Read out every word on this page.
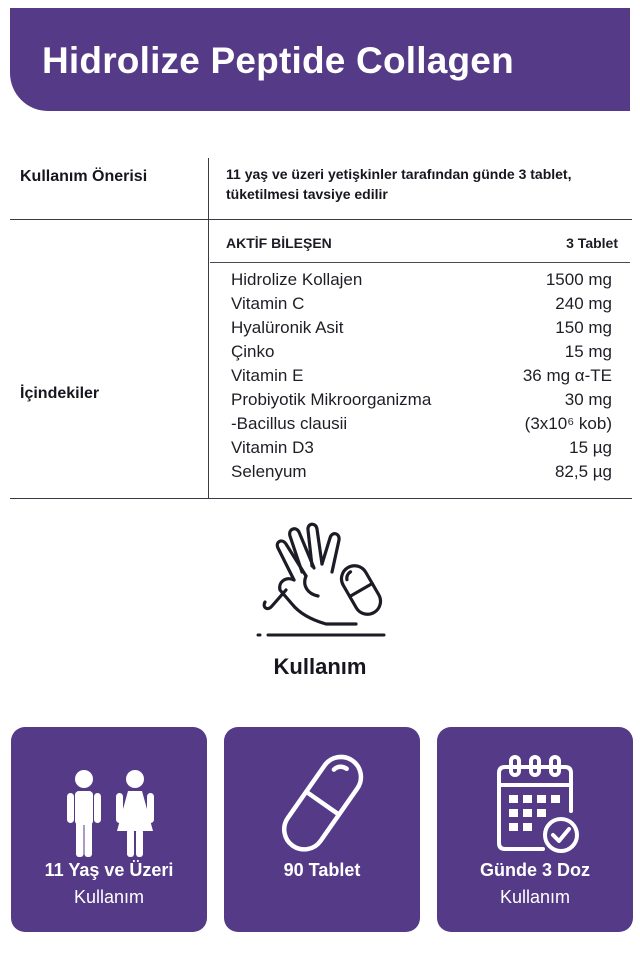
Hidrolize Peptide Collagen
Kullanım Önerisi	11 yaş ve üzeri yetişkinler tarafından günde 3 tablet,
tüketilmesi tavsiye edilir
İçindekiler
AKTİF BİLEŞEN	3 Tablet
Hidrolize Kollajen	1500 mg
Vitamin C	240 mg
Hyalüronik Asit	150 mg
Çinko	15 mg
Vitamin E	36 mg α-TE
Probiyotik Mikroorganizma	30 mg
-Bacillus clausii	(3x10⁶ kob)
Vitamin D3	15 µg
Selenyum	82,5 µg
Kullanım
11 Yaş ve Üzeri
Kullanım
90 Tablet	Günde 3 Doz
Kullanım
